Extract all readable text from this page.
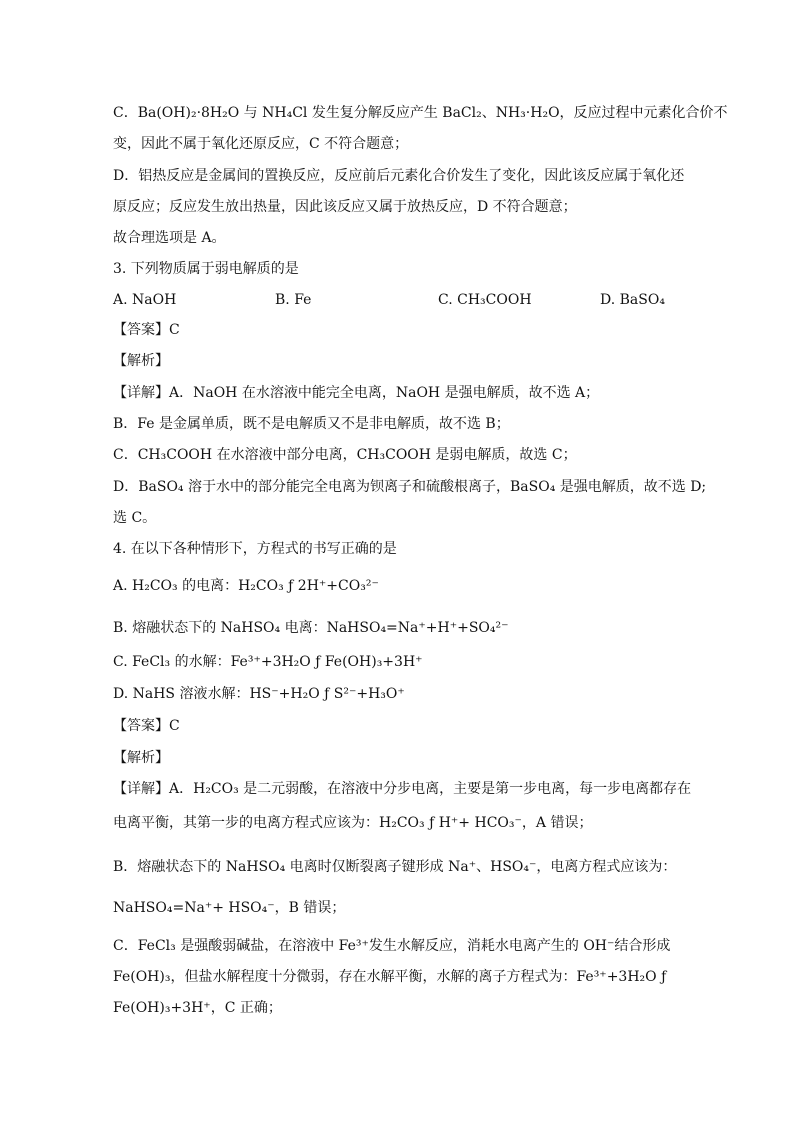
C．Ba(OH)₂·8H₂O 与 NH₄Cl 发生复分解反应产生 BaCl₂、NH₃·H₂O，反应过程中元素化合价不
变，因此不属于氧化还原反应，C 不符合题意；
D．铝热反应是金属间的置换反应，反应前后元素化合价发生了变化，因此该反应属于氧化还
原反应；反应发生放出热量，因此该反应又属于放热反应，D 不符合题意；
故合理选项是 A。
3. 下列物质属于弱电解质的是
A. NaOH	B. Fe	C. CH₃COOH	D. BaSO₄
【答案】C
【解析】
【详解】A．NaOH 在水溶液中能完全电离，NaOH 是强电解质，故不选 A；
B．Fe 是金属单质，既不是电解质又不是非电解质，故不选 B；
C．CH₃COOH 在水溶液中部分电离，CH₃COOH 是弱电解质，故选 C；
D．BaSO₄ 溶于水中的部分能完全电离为钡离子和硫酸根离子，BaSO₄ 是强电解质，故不选 D;
选 C。
4. 在以下各种情形下，方程式的书写正确的是
A. H₂CO₃ 的电离：H₂CO₃ ƒ 2H⁺+CO₃²⁻
B. 熔融状态下的 NaHSO₄ 电离：NaHSO₄=Na⁺+H⁺+SO₄²⁻
C. FeCl₃ 的水解：Fe³⁺+3H₂O ƒ Fe(OH)₃+3H⁺
D. NaHS 溶液水解：HS⁻+H₂O ƒ S²⁻+H₃O⁺
【答案】C
【解析】
【详解】A．H₂CO₃ 是二元弱酸，在溶液中分步电离，主要是第一步电离，每一步电离都存在
电离平衡，其第一步的电离方程式应该为：H₂CO₃ ƒ H⁺+ HCO₃⁻，A 错误；
B．熔融状态下的 NaHSO₄ 电离时仅断裂离子键形成 Na⁺、HSO₄⁻，电离方程式应该为：
NaHSO₄=Na⁺+ HSO₄⁻，B 错误；
C．FeCl₃ 是强酸弱碱盐，在溶液中 Fe³⁺发生水解反应，消耗水电离产生的 OH⁻结合形成
Fe(OH)₃，但盐水解程度十分微弱，存在水解平衡，水解的离子方程式为：Fe³⁺+3H₂O ƒ
Fe(OH)₃+3H⁺，C 正确；
